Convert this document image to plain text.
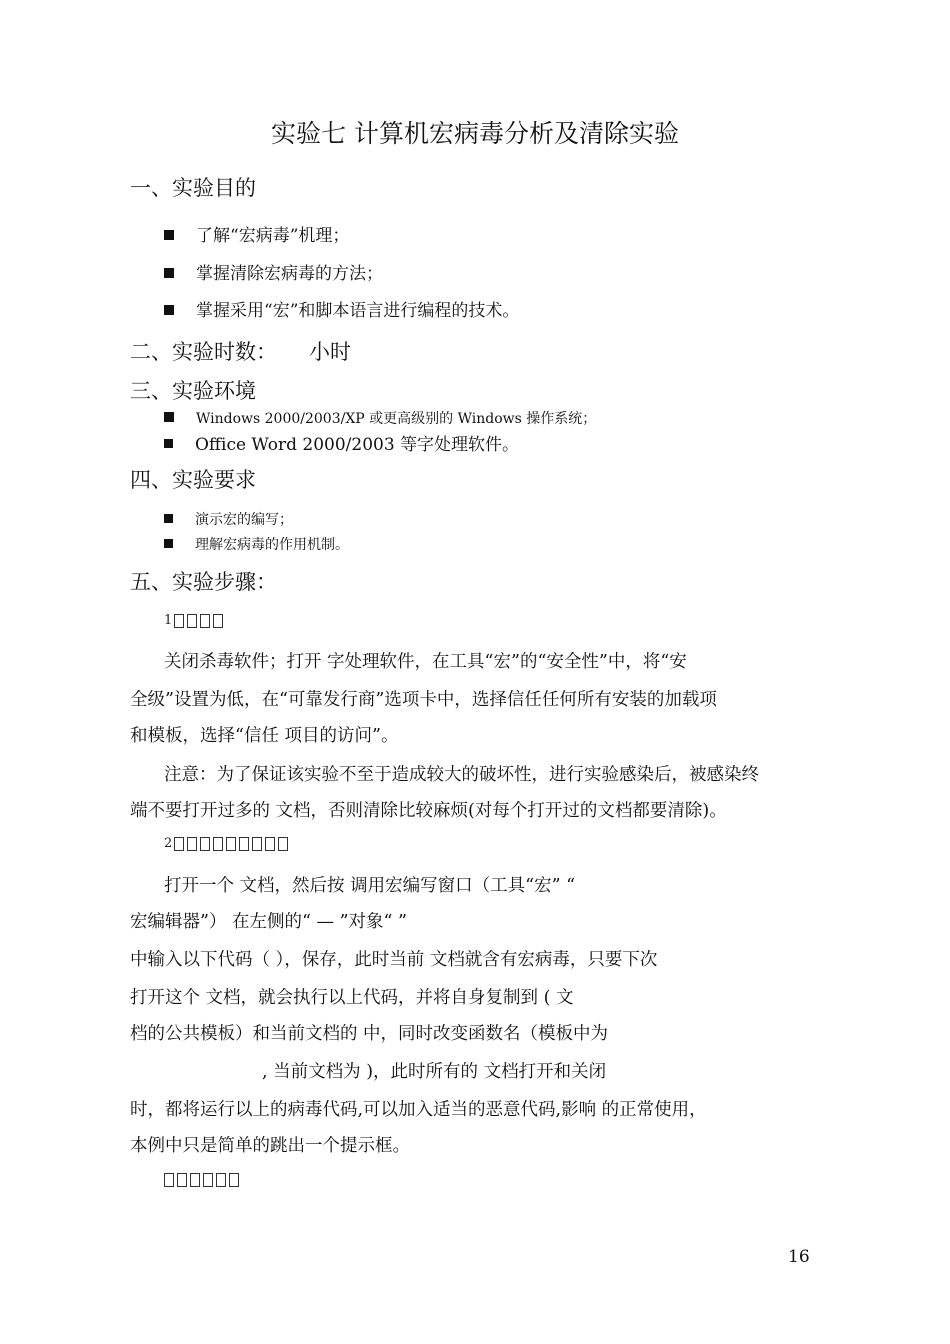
实验七 计算机宏病毒分析及清除实验
一、实验目的
了解“宏病毒”机理；
掌握清除宏病毒的方法；
掌握采用“宏”和脚本语言进行编程的技术。
二、实验时数： 小时
三、实验环境
Windows 2000/2003/XP 或更高级别的 Windows 操作系统；
Office Word 2000/2003 等字处理软件。
四、实验要求
演示宏的编写；
理解宏病毒的作用机制。
五、实验步骤：
1
关闭杀毒软件；打开 字处理软件，在工具“宏”的“安全性”中，将“安
全级”设置为低，在“可靠发行商”选项卡中，选择信任任何所有安装的加载项
和模板，选择“信任 项目的访问”。
注意：为了保证该实验不至于造成较大的破坏性，进行实验感染后，被感染终
端不要打开过多的 文档，否则清除比较麻烦(对每个打开过的文档都要清除)。
2
打开一个 文档，然后按 调用宏编写窗口（工具“宏” “
宏编辑器”） 在左侧的“ — ”对象“ ”
中输入以下代码（ ），保存，此时当前 文档就含有宏病毒，只要下次
打开这个 文档，就会执行以上代码，并将自身复制到 ( 文
档的公共模板）和当前文档的 中，同时改变函数名（模板中为
, 当前文档为 )，此时所有的 文档打开和关闭
时，都将运行以上的病毒代码,可以加入适当的恶意代码,影响 的正常使用，
本例中只是简单的跳出一个提示框。
16
